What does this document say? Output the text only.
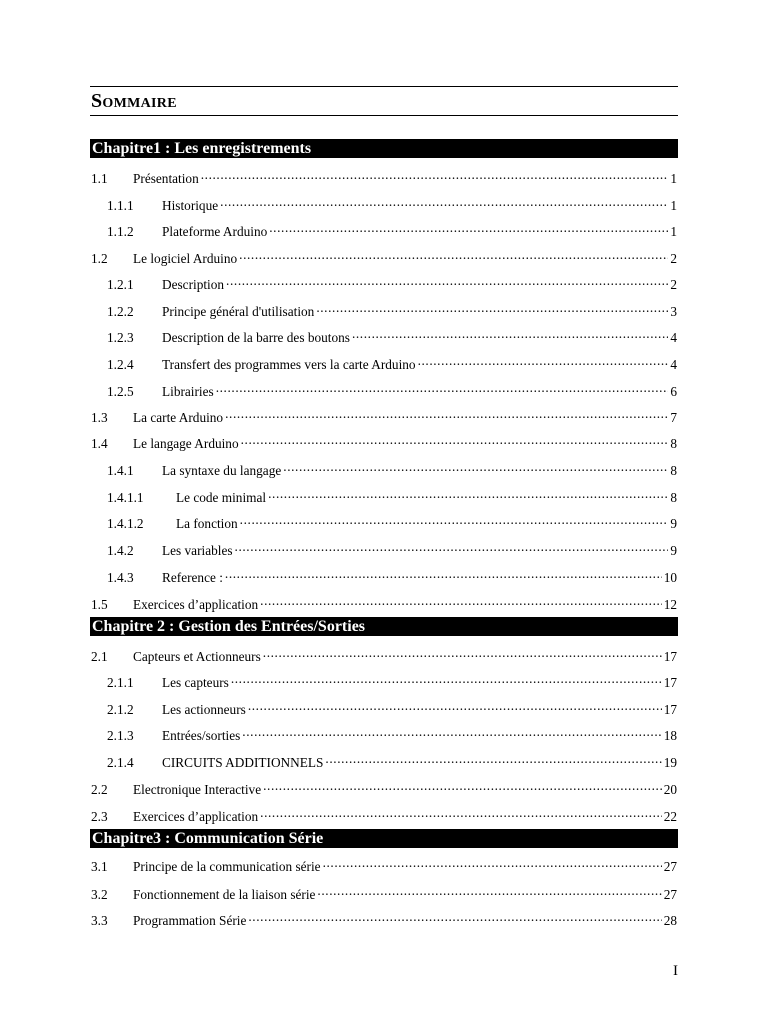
Sommaire
Chapitre1 : Les enregistrements
1.1	Présentation .....	1
1.1.1	Historique .....	1
1.1.2	Plateforme Arduino .....	1
1.2	Le logiciel Arduino .....	2
1.2.1	Description .....	2
1.2.2	Principe général d'utilisation .....	3
1.2.3	Description de la barre des boutons .....	4
1.2.4	Transfert des programmes vers la carte Arduino .....	4
1.2.5	Librairies .....	6
1.3	La carte Arduino .....	7
1.4	Le langage Arduino .....	8
1.4.1	La syntaxe du langage .....	8
1.4.1.1	Le code minimal .....	8
1.4.1.2	La fonction .....	9
1.4.2	Les variables .....	9
1.4.3	Reference : .....	10
1.5	Exercices d’application .....	12
Chapitre 2 : Gestion des Entrées/Sorties
2.1	Capteurs et Actionneurs .....	17
2.1.1	Les capteurs .....	17
2.1.2	Les actionneurs .....	17
2.1.3	Entrées/sorties .....	18
2.1.4	CIRCUITS ADDITIONNELS .....	19
2.2	Electronique Interactive .....	20
2.3	Exercices d’application .....	22
Chapitre3 : Communication Série
3.1	Principe de la communication série .....	27
3.2	Fonctionnement de la liaison série .....	27
3.3	Programmation Série .....	28
I
